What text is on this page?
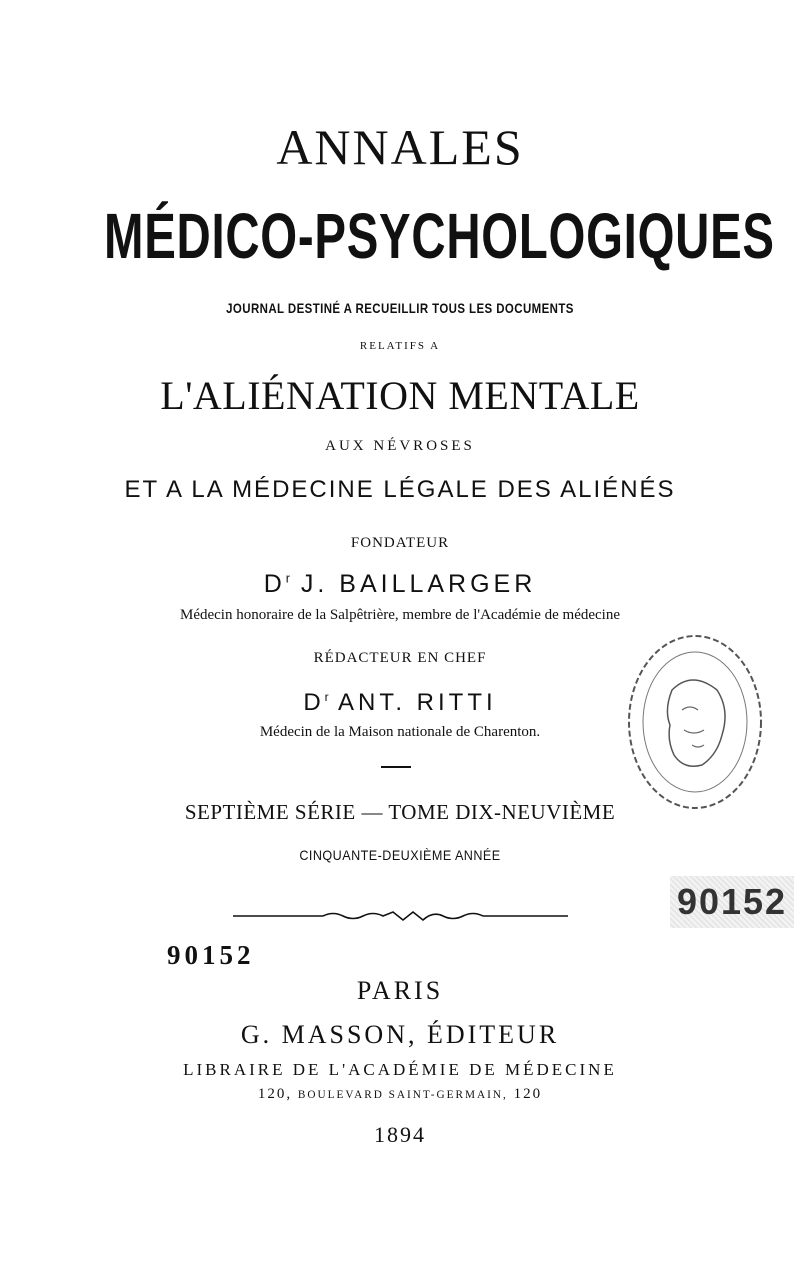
ANNALES
MÉDICO-PSYCHOLOGIQUES
JOURNAL DESTINÉ A RECUEILLIR TOUS LES DOCUMENTS
RELATIFS A
L'ALIÉNATION MENTALE
AUX NÉVROSES
ET A LA MÉDECINE LÉGALE DES ALIÉNÉS
FONDATEUR
$D^r$ J. BAILLARGER
Médecin honoraire de la Salpêtrière, membre de l'Académie de médecine
RÉDACTEUR EN CHEF
$D^r$ ANT. RITTI
Médecin de la Maison nationale de Charenton.
SEPTIÈME SÉRIE — TOME DIX-NEUVIÈME
CINQUANTE-DEUXIÈME ANNÉE
90152
PARIS
G. MASSON, ÉDITEUR
LIBRAIRE DE L'ACADÉMIE DE MÉDECINE
120, BOULEVARD SAINT-GERMAIN, 120
1894
90152
